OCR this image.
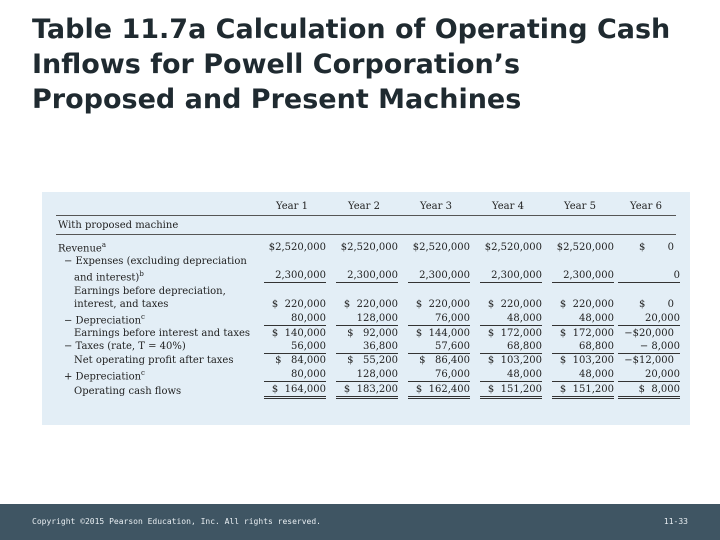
Table 11.7a Calculation of Operating Cash
Inflows for Powell Corporation’s
Proposed and Present Machines
	Year 1	Year 2	Year 3	Year 4	Year 5	Year 6
With proposed machine						

Revenue$^a$	$2,520,000	$2,520,000	$2,520,000	$2,520,000	$2,520,000	$       0
− Expenses (excluding depreciation						
and interest)$^b$	2,300,000	2,300,000	2,300,000	2,300,000	2,300,000	0
Earnings before depreciation,						
interest, and taxes	$  220,000	$  220,000	$  220,000	$  220,000	$  220,000	$       0
− Depreciation$^c$	80,000	128,000	76,000	48,000	48,000	20,000
Earnings before interest and taxes	$  140,000	$   92,000	$  144,000	$  172,000	$  172,000	−$20,000
− Taxes (rate, T = 40%)	56,000	36,800	57,600	68,800	68,800	− 8,000
Net operating profit after taxes	$   84,000	$   55,200	$   86,400	$  103,200	$  103,200	−$12,000
+ Depreciation$^c$	80,000	128,000	76,000	48,000	48,000	20,000
Operating cash flows	$  164,000	$  183,200	$  162,400	$  151,200	$  151,200	$  8,000
Copyright ©2015 Pearson Education, Inc. All rights reserved.	11-33
